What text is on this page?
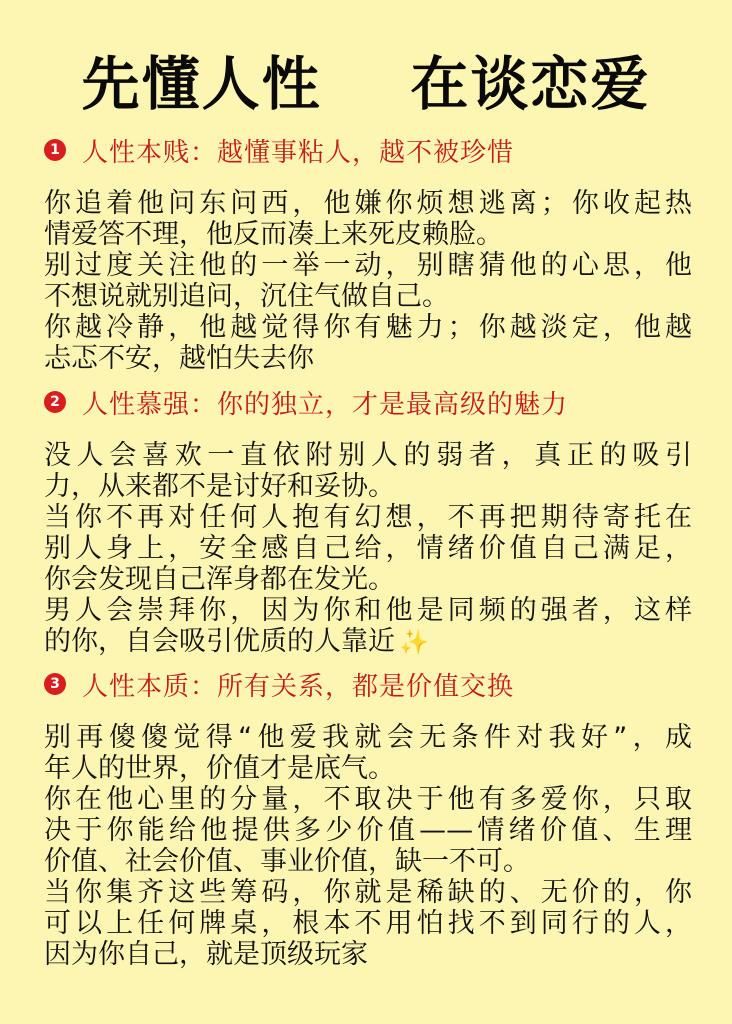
先懂人性    在谈恋爱
1 人性本贱：越懂事粘人，越不被珍惜
你追着他问东问西，他嫌你烦想逃离；你收起热
情爱答不理，他反而凑上来死皮赖脸。
别过度关注他的一举一动，别瞎猜他的心思，他
不想说就别追问，沉住气做自己。
你越冷静，他越觉得你有魅力；你越淡定，他越
忐忑不安，越怕失去你
2 人性慕强：你的独立，才是最高级的魅力
没人会喜欢一直依附别人的弱者，真正的吸引
力，从来都不是讨好和妥协。
当你不再对任何人抱有幻想，不再把期待寄托在
别人身上，安全感自己给，情绪价值自己满足，
你会发现自己浑身都在发光。
男人会崇拜你，因为你和他是同频的强者，这样
的你，自会吸引优质的人靠近 ✨
3 人性本质：所有关系，都是价值交换
别再傻傻觉得“他爱我就会无条件对我好”，成
年人的世界，价值才是底气。
你在他心里的分量，不取决于他有多爱你，只取
决于你能给他提供多少价值——情绪价值、生理
价值、社会价值、事业价值，缺一不可。
当你集齐这些筹码，你就是稀缺的、无价的，你
可以上任何牌桌，根本不用怕找不到同行的人，
因为你自己，就是顶级玩家
